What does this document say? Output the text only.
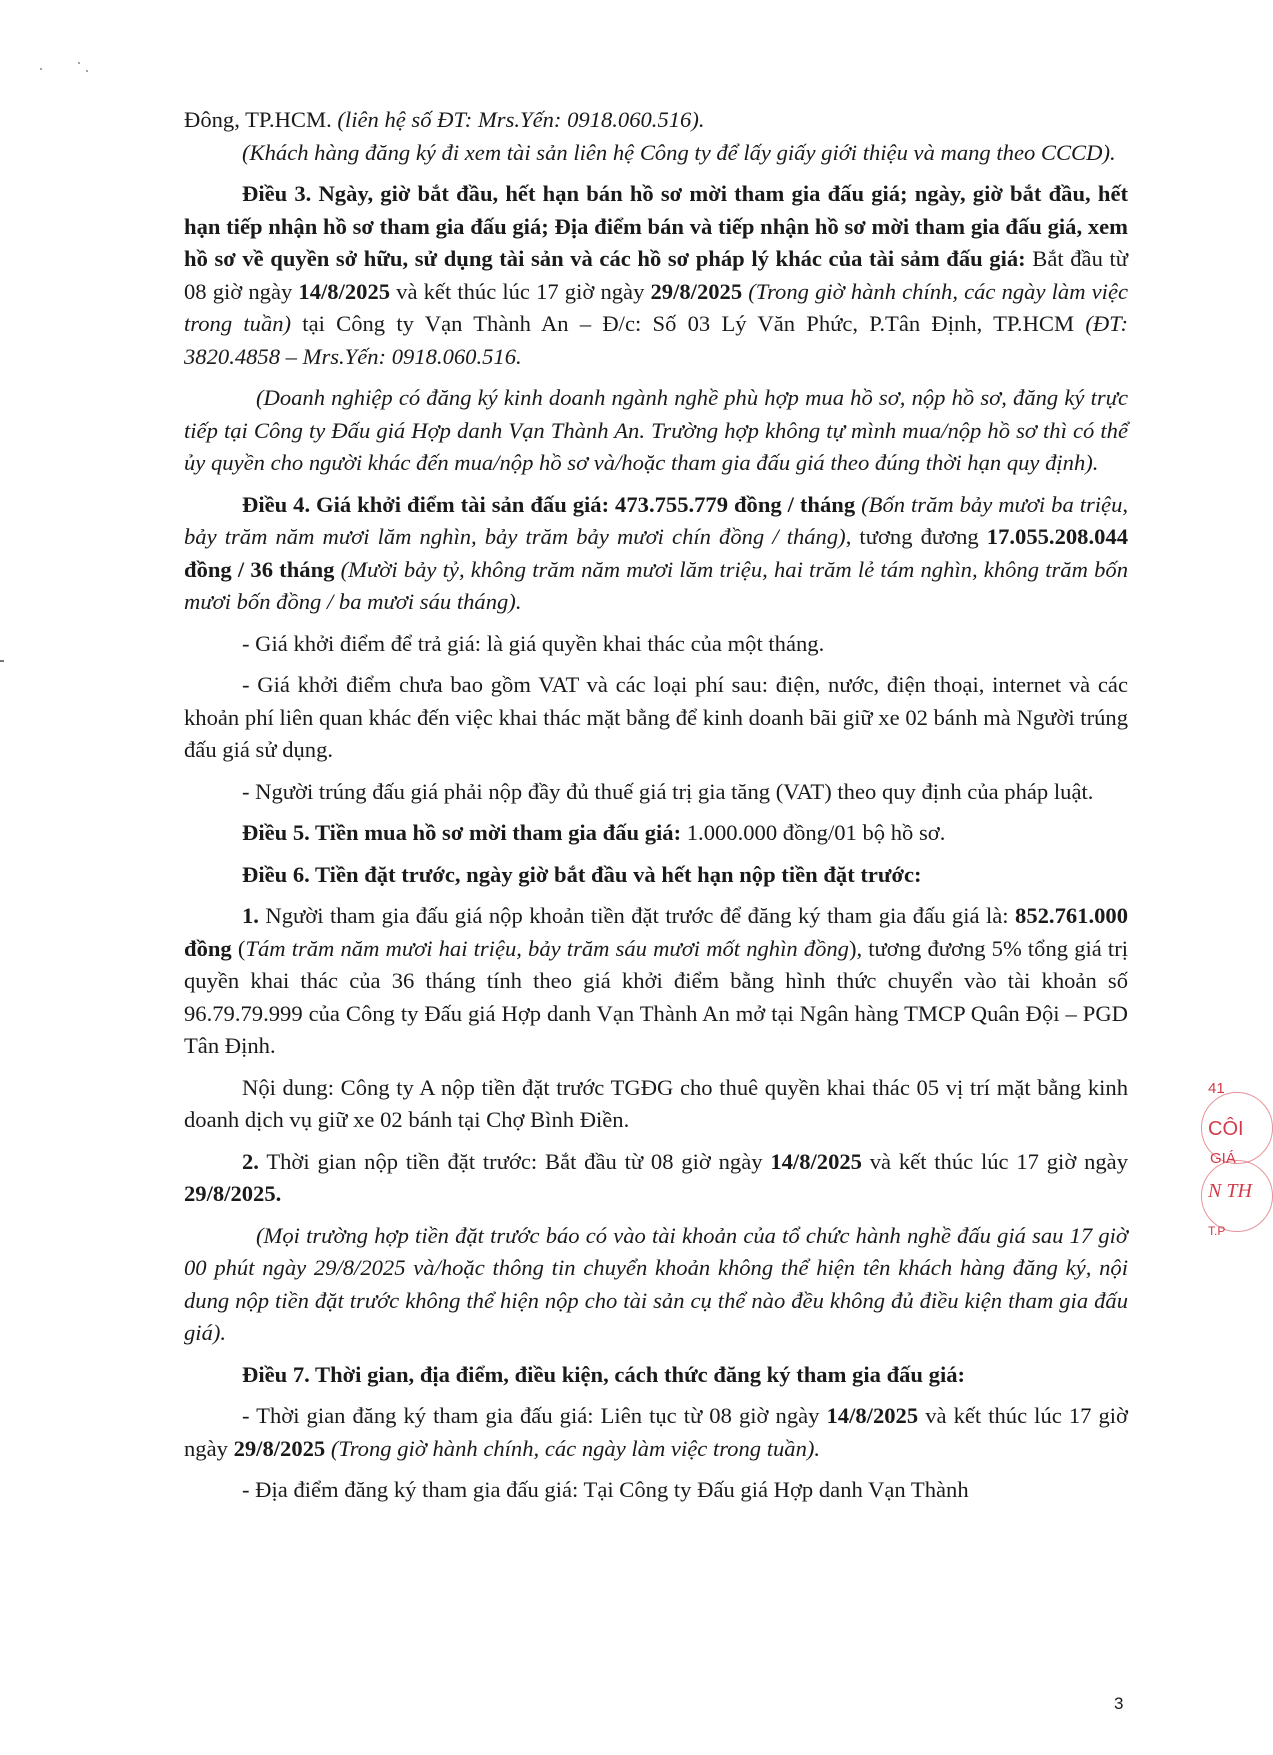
Đông, TP.HCM. (liên hệ số ĐT: Mrs.Yến: 0918.060.516).

(Khách hàng đăng ký đi xem tài sản liên hệ Công ty để lấy giấy giới thiệu và mang theo CCCD).

Điều 3. Ngày, giờ bắt đầu, hết hạn bán hồ sơ mời tham gia đấu giá; ngày, giờ bắt đầu, hết hạn tiếp nhận hồ sơ tham gia đấu giá; Địa điểm bán và tiếp nhận hồ sơ mời tham gia đấu giá, xem hồ sơ về quyền sở hữu, sử dụng tài sản và các hồ sơ pháp lý khác của tài sảm đấu giá: Bắt đầu từ 08 giờ ngày 14/8/2025 và kết thúc lúc 17 giờ ngày 29/8/2025 (Trong giờ hành chính, các ngày làm việc trong tuần) tại Công ty Vạn Thành An – Đ/c: Số 03 Lý Văn Phức, P.Tân Định, TP.HCM (ĐT: 3820.4858 – Mrs.Yến: 0918.060.516.

(Doanh nghiệp có đăng ký kinh doanh ngành nghề phù hợp mua hồ sơ, nộp hồ sơ, đăng ký trực tiếp tại Công ty Đấu giá Hợp danh Vạn Thành An. Trường hợp không tự mình mua/nộp hồ sơ thì có thể ủy quyền cho người khác đến mua/nộp hồ sơ và/hoặc tham gia đấu giá theo đúng thời hạn quy định).

Điều 4. Giá khởi điểm tài sản đấu giá: 473.755.779 đồng / tháng (Bốn trăm bảy mươi ba triệu, bảy trăm năm mươi lăm nghìn, bảy trăm bảy mươi chín đồng / tháng), tương đương 17.055.208.044 đồng / 36 tháng (Mười bảy tỷ, không trăm năm mươi lăm triệu, hai trăm lẻ tám nghìn, không trăm bốn mươi bốn đồng / ba mươi sáu tháng).

- Giá khởi điểm để trả giá: là giá quyền khai thác của một tháng.

- Giá khởi điểm chưa bao gồm VAT và các loại phí sau: điện, nước, điện thoại, internet và các khoản phí liên quan khác đến việc khai thác mặt bằng để kinh doanh bãi giữ xe 02 bánh mà Người trúng đấu giá sử dụng.

- Người trúng đấu giá phải nộp đầy đủ thuế giá trị gia tăng (VAT) theo quy định của pháp luật.

Điều 5. Tiền mua hồ sơ mời tham gia đấu giá: 1.000.000 đồng/01 bộ hồ sơ.

Điều 6. Tiền đặt trước, ngày giờ bắt đầu và hết hạn nộp tiền đặt trước:

1. Người tham gia đấu giá nộp khoản tiền đặt trước để đăng ký tham gia đấu giá là: 852.761.000 đồng (Tám trăm năm mươi hai triệu, bảy trăm sáu mươi mốt nghìn đồng), tương đương 5% tổng giá trị quyền khai thác của 36 tháng tính theo giá khởi điểm bằng hình thức chuyển vào tài khoản số 96.79.79.999 của Công ty Đấu giá Hợp danh Vạn Thành An mở tại Ngân hàng TMCP Quân Đội – PGD Tân Định.

Nội dung: Công ty A nộp tiền đặt trước TGĐG cho thuê quyền khai thác 05 vị trí mặt bằng kinh doanh dịch vụ giữ xe 02 bánh tại Chợ Bình Điền.

2. Thời gian nộp tiền đặt trước: Bắt đầu từ 08 giờ ngày 14/8/2025 và kết thúc lúc 17 giờ ngày 29/8/2025.

(Mọi trường hợp tiền đặt trước báo có vào tài khoản của tổ chức hành nghề đấu giá sau 17 giờ 00 phút ngày 29/8/2025 và/hoặc thông tin chuyển khoản không thể hiện tên khách hàng đăng ký, nội dung nộp tiền đặt trước không thể hiện nộp cho tài sản cụ thể nào đều không đủ điều kiện tham gia đấu giá).

Điều 7. Thời gian, địa điểm, điều kiện, cách thức đăng ký tham gia đấu giá:

- Thời gian đăng ký tham gia đấu giá: Liên tục từ 08 giờ ngày 14/8/2025 và kết thúc lúc 17 giờ ngày 29/8/2025 (Trong giờ hành chính, các ngày làm việc trong tuần).

- Địa điểm đăng ký tham gia đấu giá: Tại Công ty Đấu giá Hợp danh Vạn Thành

41
CÔI
GIÁ
N TH
T.P
3
